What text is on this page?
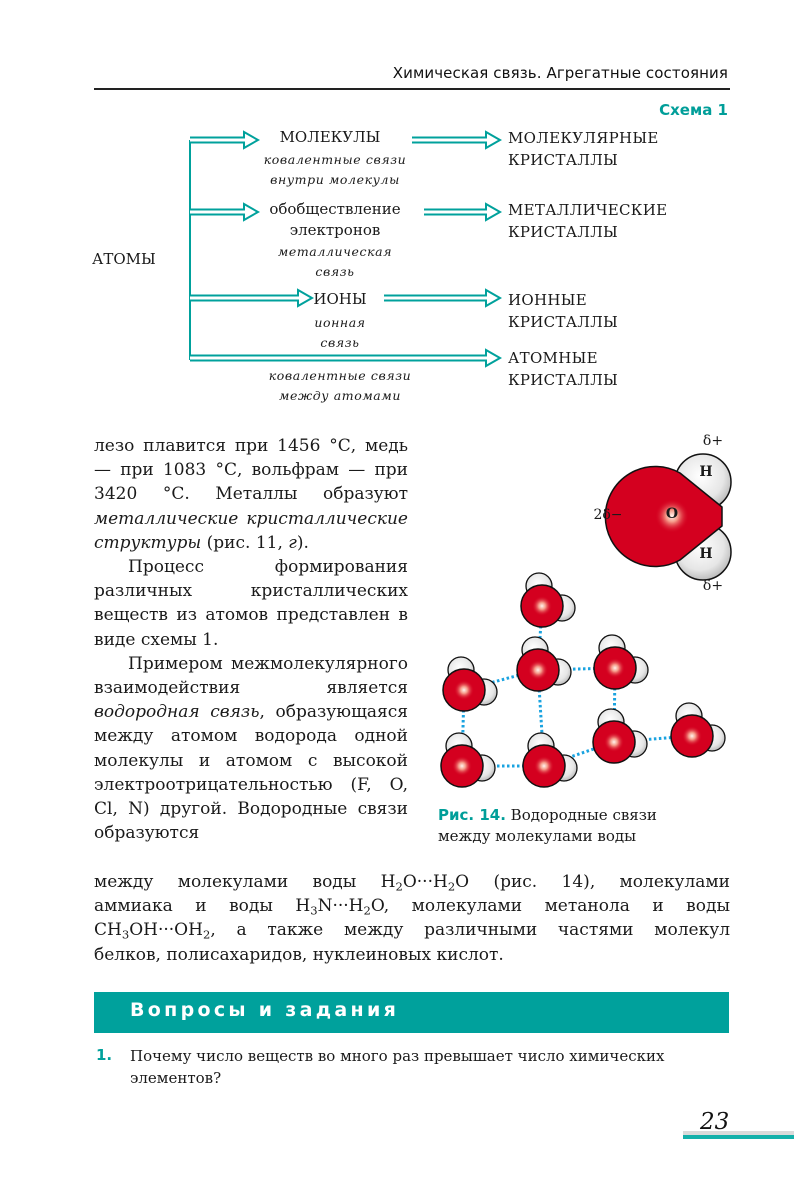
Химическая связь. Агрегатные состояния
Схема 1
АТОМЫ
МОЛЕКУЛЫ
ковалентные связи
внутри молекулы
МОЛЕКУЛЯРНЫЕ
КРИСТАЛЛЫ
обобществление
электронов
металлическая
связь
МЕТАЛЛИЧЕСКИЕ
КРИСТАЛЛЫ
ИОНЫ
ионная
связь
ИОННЫЕ
КРИСТАЛЛЫ
ковалентные связи
между атомами
АТОМНЫЕ
КРИСТАЛЛЫ

лезо плавится при 1456 °С, медь — при 1083 °С, вольфрам — при 3420 °С. Металлы образуют металлические кристаллические структуры (рис. 11, г).

Процесс формирования различных кристаллических веществ из атомов представлен в виде схемы 1.

Примером межмолекулярного взаимодействия является водородная связь, образующаяся между атомом водорода одной молекулы и атомом с высокой электроотрицательностью (F, O, Cl, N) другой. Водородные связи образуются

между молекулами воды $H_2O\cdot\cdot\cdot H_2O$ (рис. 14), молекулами
аммиака и воды $H_3N\cdot\cdot\cdot H_2O$, молекулами метанола и воды
$CH_3OH\cdot\cdot\cdot OH_2$, а также между различными частями молекул
белков, полисахаридов, нуклеиновых кислот.
O
H
H
2δ−
δ+
δ+
Рис. 14. Водородные связи
между молекулами воды
Вопросы и задания
1. Почему число веществ во много раз превышает число химических элементов?
23
